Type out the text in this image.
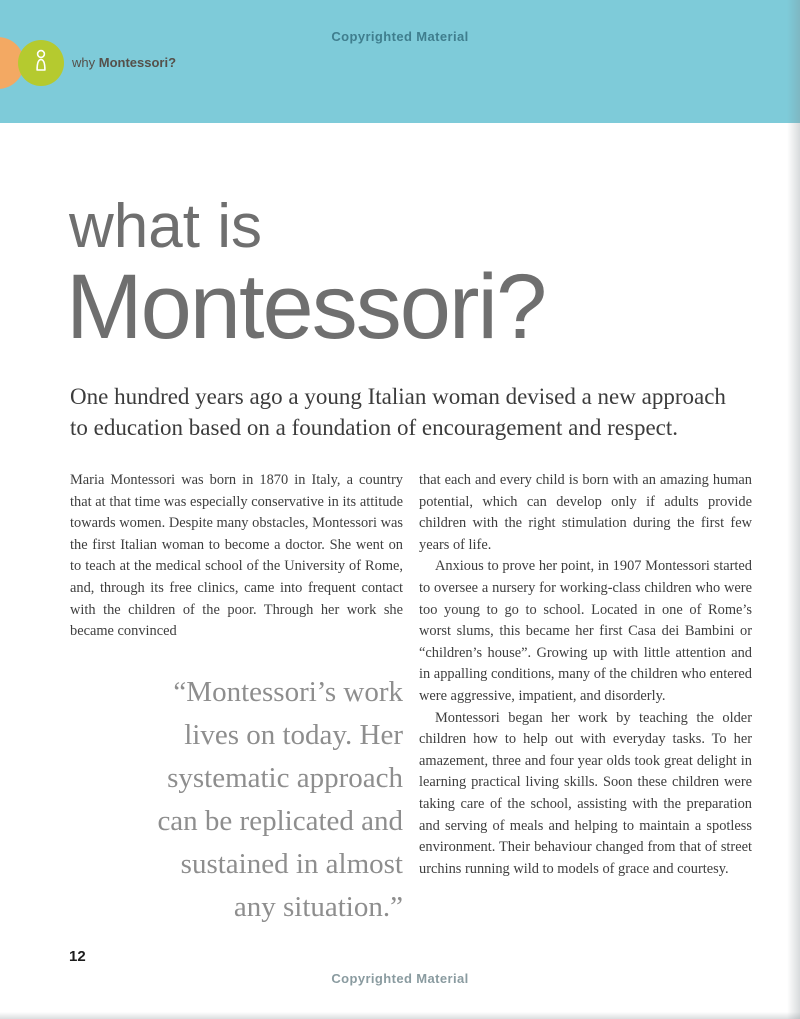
Copyrighted Material
why Montessori?
what is
Montessori?
One hundred years ago a young Italian woman devised a new approach
to education based on a foundation of encouragement and respect.

Maria Montessori was born in 1870 in Italy, a country that at that time was especially conservative in its attitude towards women. Despite many obstacles, Montessori was the first Italian woman to become a doctor. She went on to teach at the medical school of the University of Rome, and, through its free clinics, came into frequent contact with the children of the poor. Through her work she became convinced

“Montessori’s work
lives on today. Her
systematic approach
can be replicated and
sustained in almost
any situation.”

that each and every child is born with an amazing human potential, which can develop only if adults provide children with the right stimulation during the first few years of life.

Anxious to prove her point, in 1907 Montessori started to oversee a nursery for working-class children who were too young to go to school. Located in one of Rome’s worst slums, this became her first Casa dei Bambini or “children’s house”. Growing up with little attention and in appalling conditions, many of the children who entered were aggressive, impatient, and disorderly.

Montessori began her work by teaching the older children how to help out with everyday tasks. To her amazement, three and four year olds took great delight in learning practical living skills. Soon these children were taking care of the school, assisting with the preparation and serving of meals and helping to maintain a spotless environment. Their behaviour changed from that of street urchins running wild to models of grace and courtesy.

12
Copyrighted Material
